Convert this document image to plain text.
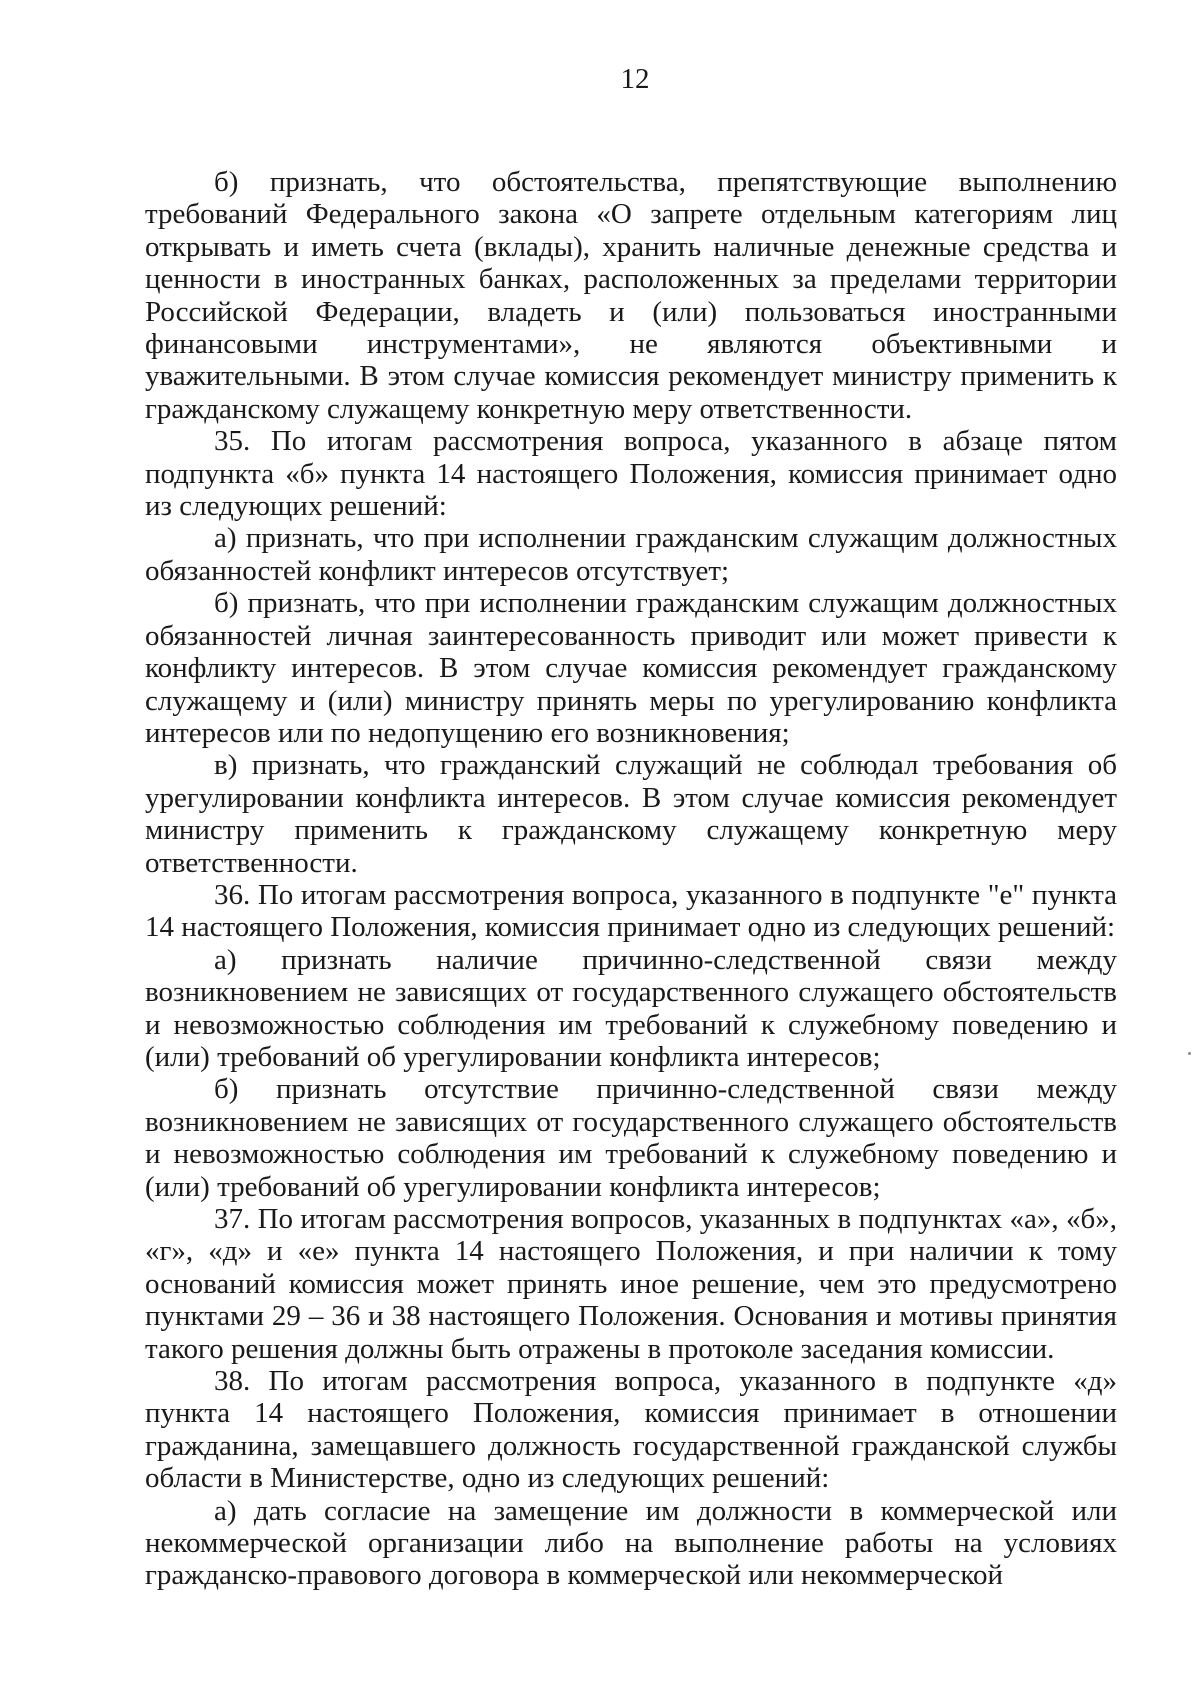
12

б) признать, что обстоятельства, препятствующие выполнению требований Федерального закона «О запрете отдельным категориям лиц открывать и иметь счета (вклады), хранить наличные денежные средства и ценности в иностранных банках, расположенных за пределами территории Российской Федерации, владеть и (или) пользоваться иностранными финансовыми инструментами», не являются объективными и уважительными. В этом случае комиссия рекомендует министру применить к гражданскому служащему конкретную меру ответственности.

35. По итогам рассмотрения вопроса, указанного в абзаце пятом подпункта «б» пункта 14 настоящего Положения, комиссия принимает одно из следующих решений:

а) признать, что при исполнении гражданским служащим должностных обязанностей конфликт интересов отсутствует;

б) признать, что при исполнении гражданским служащим должностных обязанностей личная заинтересованность приводит или может привести к конфликту интересов. В этом случае комиссия рекомендует гражданскому служащему и (или) министру принять меры по урегулированию конфликта интересов или по недопущению его возникновения;

в) признать, что гражданский служащий не соблюдал требования об урегулировании конфликта интересов. В этом случае комиссия рекомендует министру применить к гражданскому служащему конкретную меру ответственности.

36. По итогам рассмотрения вопроса, указанного в подпункте "е" пункта 14 настоящего Положения, комиссия принимает одно из следующих решений:

а) признать наличие причинно-следственной связи между возникновением не зависящих от государственного служащего обстоятельств и невозможностью соблюдения им требований к служебному поведению и (или) требований об урегулировании конфликта интересов;

б) признать отсутствие причинно-следственной связи между возникновением не зависящих от государственного служащего обстоятельств и невозможностью соблюдения им требований к служебному поведению и (или) требований об урегулировании конфликта интересов;

37. По итогам рассмотрения вопросов, указанных в подпунктах «а», «б», «г», «д» и «е» пункта 14 настоящего Положения, и при наличии к тому оснований комиссия может принять иное решение, чем это предусмотрено пунктами 29 – 36 и 38 настоящего Положения. Основания и мотивы принятия такого решения должны быть отражены в протоколе заседания комиссии.

38. По итогам рассмотрения вопроса, указанного в подпункте «д» пункта 14 настоящего Положения, комиссия принимает в отношении гражданина, замещавшего должность государственной гражданской службы области в Министерстве, одно из следующих решений:

а) дать согласие на замещение им должности в коммерческой или некоммерческой организации либо на выполнение работы на условиях гражданско-правового договора в коммерческой или некоммерческой
